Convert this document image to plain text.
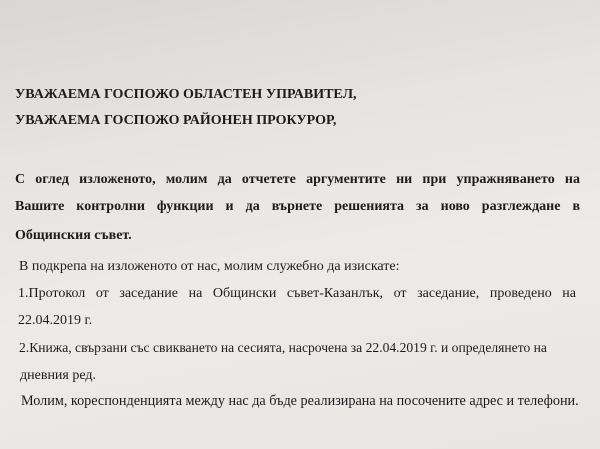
УВАЖАЕМА ГОСПОЖО ОБЛАСТЕН УПРАВИТЕЛ,
УВАЖАЕМА ГОСПОЖО РАЙОНЕН ПРОКУРОР,
С оглед изложеното, молим да отчетете аргументите ни при упражняването на
Вашите контролни функции и да върнете решенията за ново разглеждане в
Общинския съвет.
В подкрепа на изложеното от нас, молим служебно да изискате:
1.Протокол от заседание на Общински съвет-Казанлък, от заседание, проведено на
22.04.2019 г.
2.Книжа, свързани със свикването на сесията, насрочена за 22.04.2019 г. и определянето на
дневния ред.
Молим, кореспонденцията между нас да бъде реализирана на посочените адрес и телефони.
